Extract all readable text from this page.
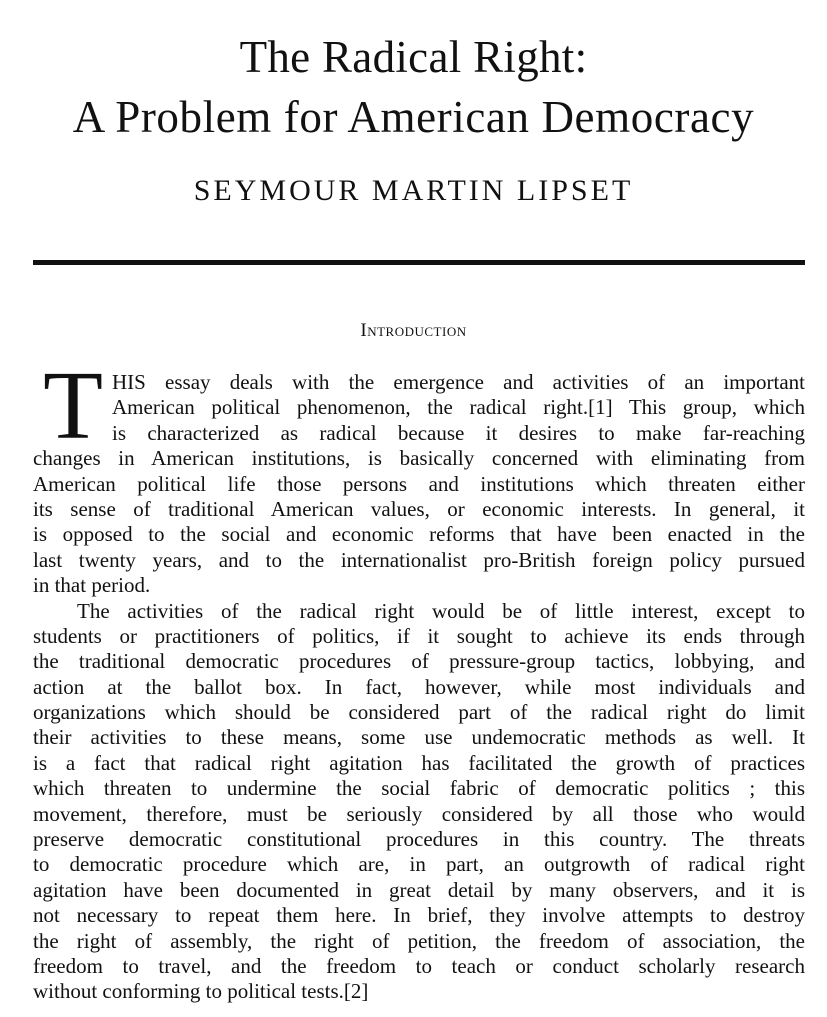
The Radical Right:
A Problem for American Democracy
SEYMOUR MARTIN LIPSET
Introduction
T HIS essay deals with the emergence and activities of an important
American political phenomenon, the radical right.[1] This group, which
is characterized as radical because it desires to make far-reaching
changes in American institutions, is basically concerned with eliminating from
American political life those persons and institutions which threaten either
its sense of traditional American values, or economic interests. In general, it
is opposed to the social and economic reforms that have been enacted in the
last twenty years, and to the internationalist pro-British foreign policy pursued
in that period.
The activities of the radical right would be of little interest, except to
students or practitioners of politics, if it sought to achieve its ends through
the traditional democratic procedures of pressure-group tactics, lobbying, and
action at the ballot box. In fact, however, while most individuals and
organizations which should be considered part of the radical right do limit
their activities to these means, some use undemocratic methods as well. It
is a fact that radical right agitation has facilitated the growth of practices
which threaten to undermine the social fabric of democratic politics ; this
movement, therefore, must be seriously considered by all those who would
preserve democratic constitutional procedures in this country. The threats
to democratic procedure which are, in part, an outgrowth of radical right
agitation have been documented in great detail by many observers, and it is
not necessary to repeat them here. In brief, they involve attempts to destroy
the right of assembly, the right of petition, the freedom of association, the
freedom to travel, and the freedom to teach or conduct scholarly research
without conforming to political tests.[2]
